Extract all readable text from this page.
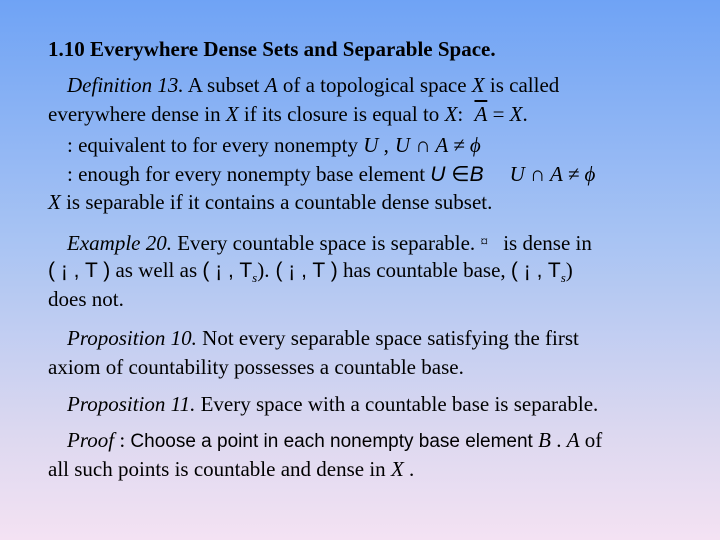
1.10 Everywhere Dense Sets and Separable Space.
Definition 13. A subset A of a topological space X is called
everywhere dense in X if its closure is equal to X: $\overline{A} = X$.
: equivalent to for every nonempty U , U ∩ A ≠ ϕ
: enough for every nonempty base element U ∈B U ∩ A ≠ ϕ
X is separable if it contains a countable dense subset.
Example 20. Every countable space is separable. ¤ is dense in
( ¡ , T ) as well as ( ¡ , $T_s$). ( ¡ , T ) has countable base, ( ¡ , $T_s$)
does not.
Proposition 10. Not every separable space satisfying the first
axiom of countability possesses a countable base.
Proposition 11. Every space with a countable base is separable.
Proof : Choose a point in each nonempty base element B . A of
all such points is countable and dense in X .
